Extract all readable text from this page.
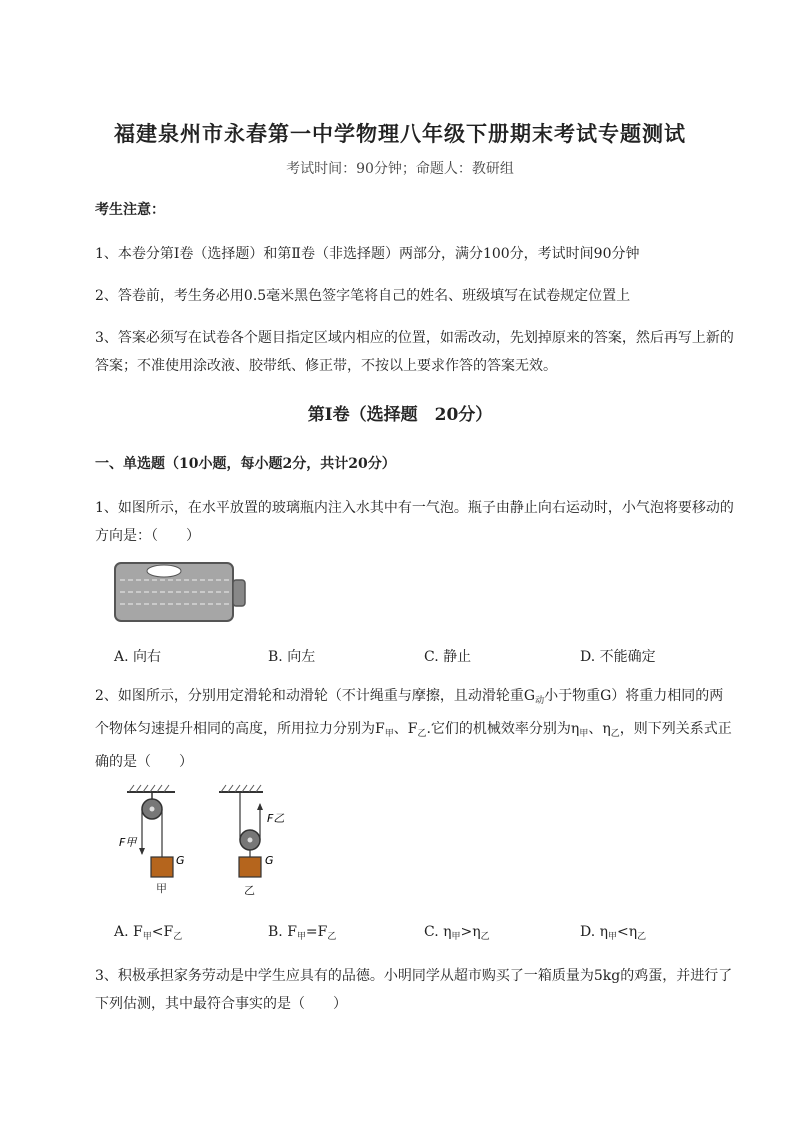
福建泉州市永春第一中学物理八年级下册期末考试专题测试
考试时间：90分钟；命题人：教研组
考生注意：
1、本卷分第I卷（选择题）和第Ⅱ卷（非选择题）两部分，满分100分，考试时间90分钟
2、答卷前，考生务必用0.5毫米黑色签字笔将自己的姓名、班级填写在试卷规定位置上
3、答案必须写在试卷各个题目指定区域内相应的位置，如需改动，先划掉原来的答案，然后再写上新的答案；不准使用涂改液、胶带纸、修正带，不按以上要求作答的答案无效。
第I卷（选择题　20分）
一、单选题（10小题，每小题2分，共计20分）
1、如图所示，在水平放置的玻璃瓶内注入水其中有一气泡。瓶子由静止向右运动时，小气泡将要移动的方向是：（　　）
A. 向右	B. 向左	C. 静止	D. 不能确定
2、如图所示，分别用定滑轮和动滑轮（不计绳重与摩擦，且动滑轮重$G_动$小于物重G）将重力相同的两个物体匀速提升相同的高度，所用拉力分别为$F_甲$、$F_乙$.它们的机械效率分别为$\eta_甲$、$\eta_乙$，则下列关系式正确的是（　　）
F甲
G
甲
F乙
G
乙
A. $F_甲<F_乙$	B. $F_甲=F_乙$	C. $\eta_甲>\eta_乙$	D. $\eta_甲<\eta_乙$
3、积极承担家务劳动是中学生应具有的品德。小明同学从超市购买了一箱质量为5kg的鸡蛋，并进行了下列估测，其中最符合事实的是（　　）
